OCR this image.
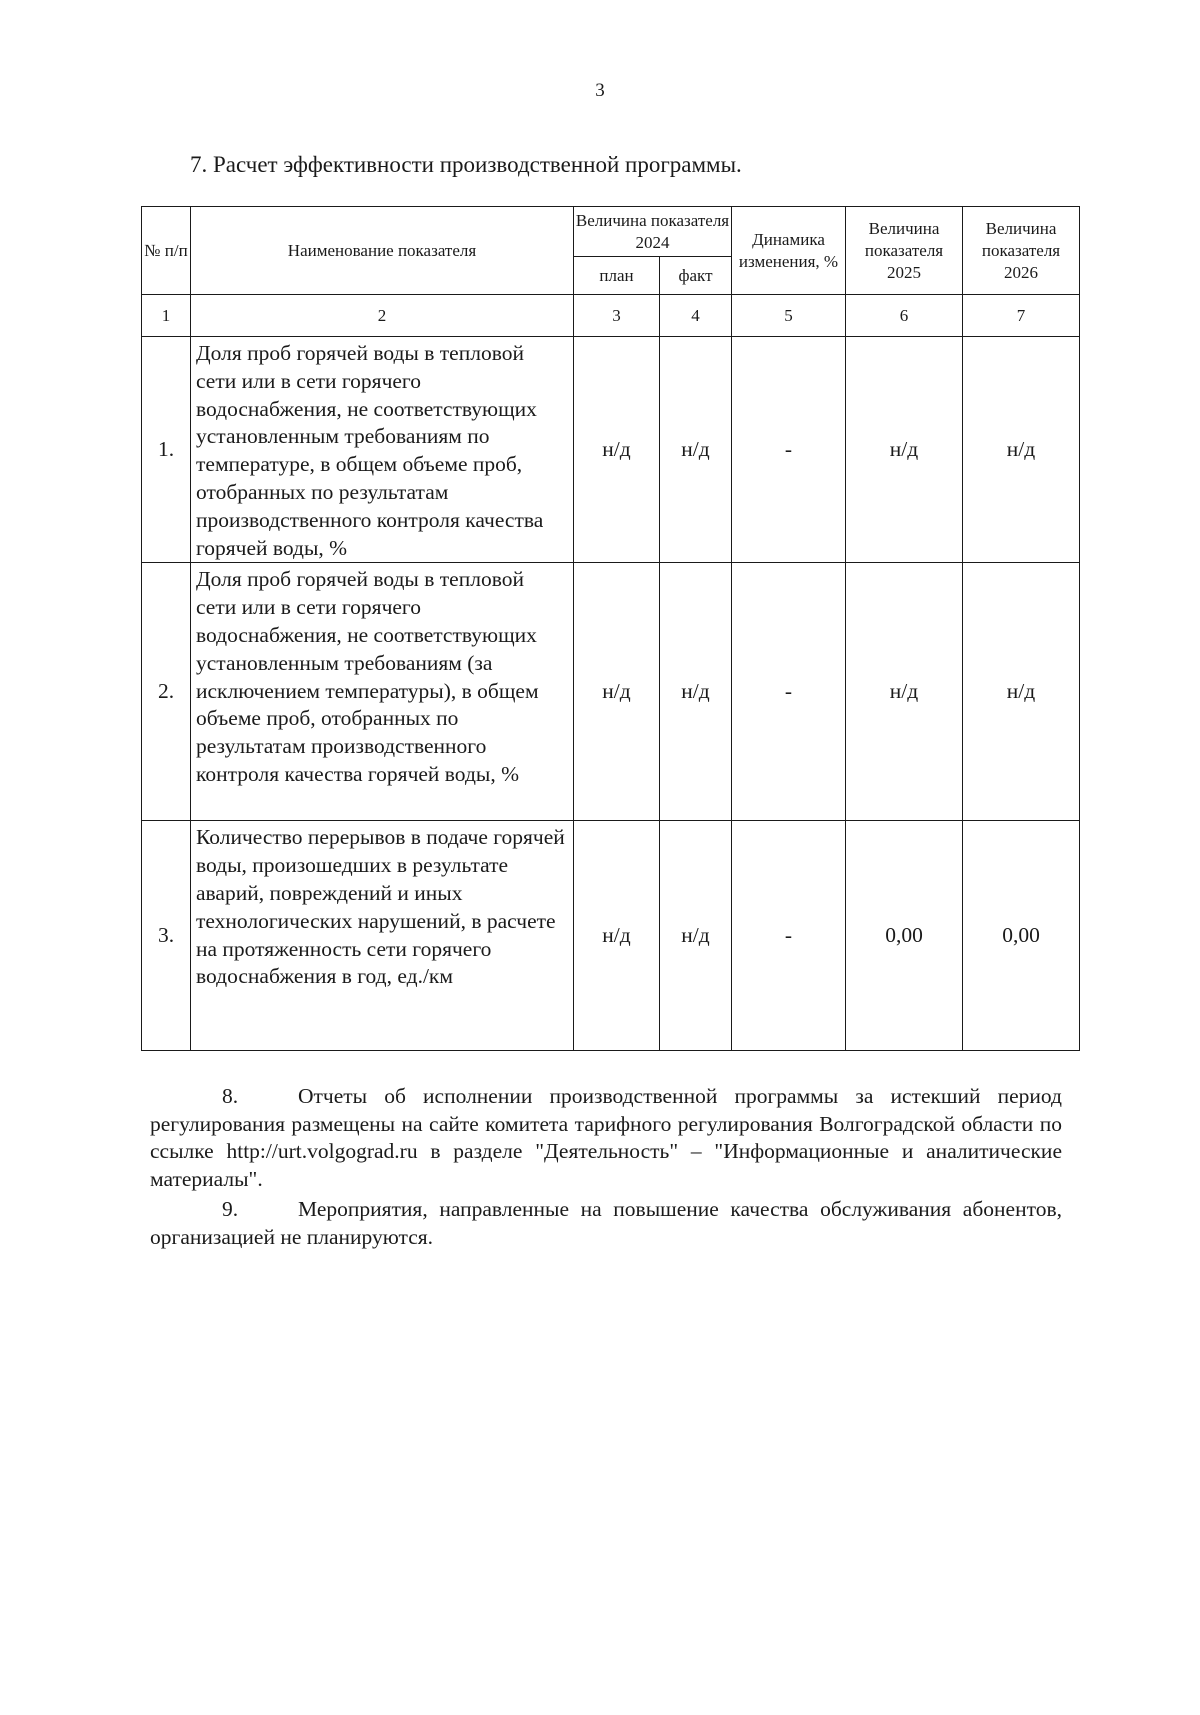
3
7. Расчет эффективности производственной программы.
№ п/п	Наименование показателя	Величина показателя 2024		Динамика изменения, %	Величина показателя 2025	Величина показателя 2026
		план	факт			
1	2	3	4	5	6	7
1.	Доля проб горячей воды в тепловой сети или в сети горячего водоснабжения, не соответствующих установленным требованиям по температуре, в общем объеме проб, отобранных по результатам производственного контроля качества горячей воды, %	н/д	н/д	-	н/д	н/д
2.	Доля проб горячей воды в тепловой сети или в сети горячего водоснабжения, не соответствующих установленным требованиям (за исключением температуры), в общем объеме проб, отобранных по результатам производственного контроля качества горячей воды, %	н/д	н/д	-	н/д	н/д
3.	Количество перерывов в подаче горячей воды, произошедших в результате аварий, повреждений и иных технологических нарушений, в расчете на протяженность сети горячего водоснабжения в год, ед./км	н/д	н/д	-	0,00	0,00
8.	Отчеты об исполнении производственной программы за истекший период регулирования размещены на сайте комитета тарифного регулирования Волгоградской области по ссылке http://urt.volgograd.ru в разделе "Деятельность" – "Информационные и аналитические материалы".
9.	Мероприятия, направленные на повышение качества обслуживания абонентов, организацией не планируются.
